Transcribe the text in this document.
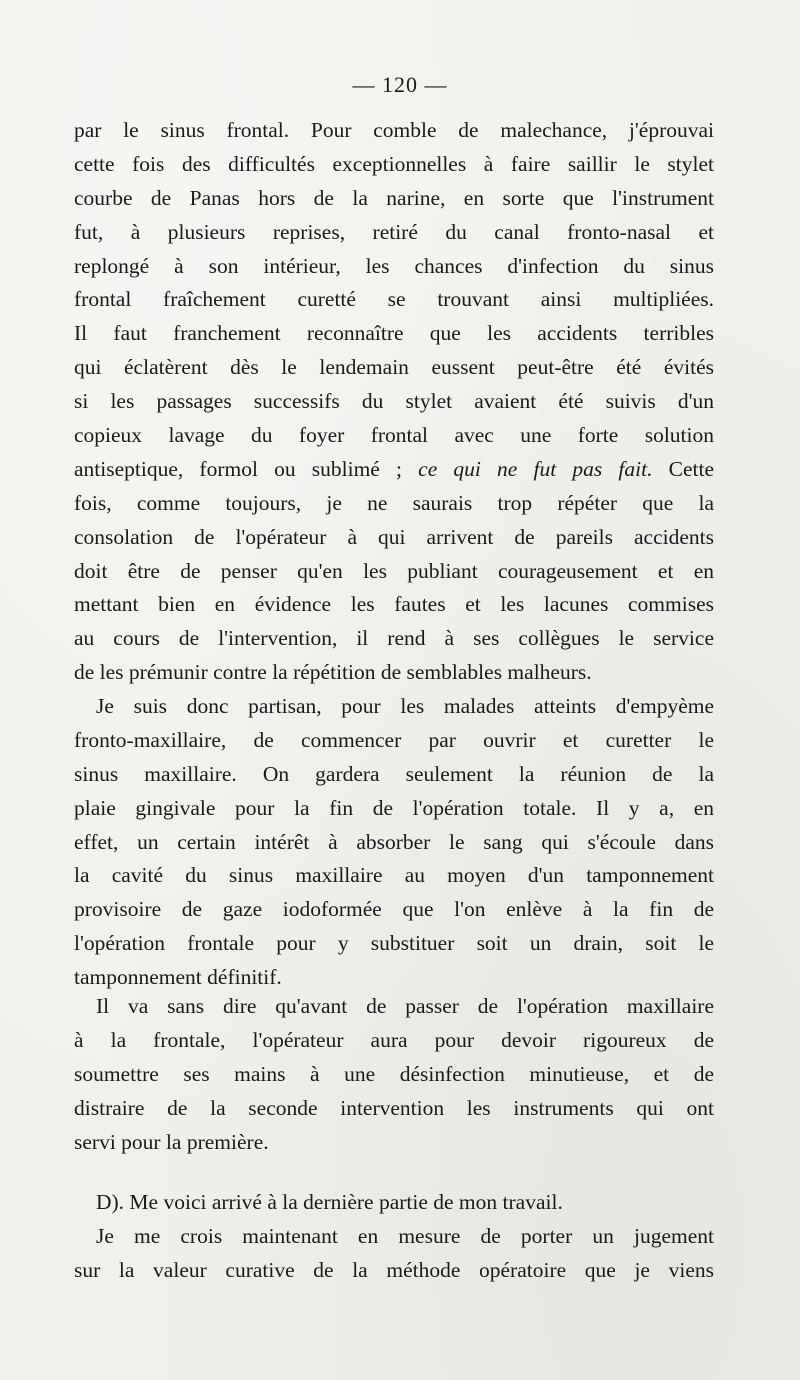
— 120 —
par le sinus frontal. Pour comble de malechance, j'éprouvai
cette fois des difficultés exceptionnelles à faire saillir le stylet
courbe de Panas hors de la narine, en sorte que l'instrument
fut, à plusieurs reprises, retiré du canal fronto-nasal et
replongé à son intérieur, les chances d'infection du sinus
frontal fraîchement curetté se trouvant ainsi multipliées.
Il faut franchement reconnaître que les accidents terribles
qui éclatèrent dès le lendemain eussent peut-être été évités
si les passages successifs du stylet avaient été suivis d'un
copieux lavage du foyer frontal avec une forte solution
antiseptique, formol ou sublimé ; ce qui ne fut pas fait. Cette
fois, comme toujours, je ne saurais trop répéter que la
consolation de l'opérateur à qui arrivent de pareils accidents
doit être de penser qu'en les publiant courageusement et en
mettant bien en évidence les fautes et les lacunes commises
au cours de l'intervention, il rend à ses collègues le service
de les prémunir contre la répétition de semblables malheurs.
Je suis donc partisan, pour les malades atteints d'empyème
fronto-maxillaire, de commencer par ouvrir et curetter le
sinus maxillaire. On gardera seulement la réunion de la
plaie gingivale pour la fin de l'opération totale. Il y a, en
effet, un certain intérêt à absorber le sang qui s'écoule dans
la cavité du sinus maxillaire au moyen d'un tamponnement
provisoire de gaze iodoformée que l'on enlève à la fin de
l'opération frontale pour y substituer soit un drain, soit le
tamponnement définitif.
Il va sans dire qu'avant de passer de l'opération maxillaire
à la frontale, l'opérateur aura pour devoir rigoureux de
soumettre ses mains à une désinfection minutieuse, et de
distraire de la seconde intervention les instruments qui ont
servi pour la première.
D). Me voici arrivé à la dernière partie de mon travail.
Je me crois maintenant en mesure de porter un jugement
sur la valeur curative de la méthode opératoire que je viens
